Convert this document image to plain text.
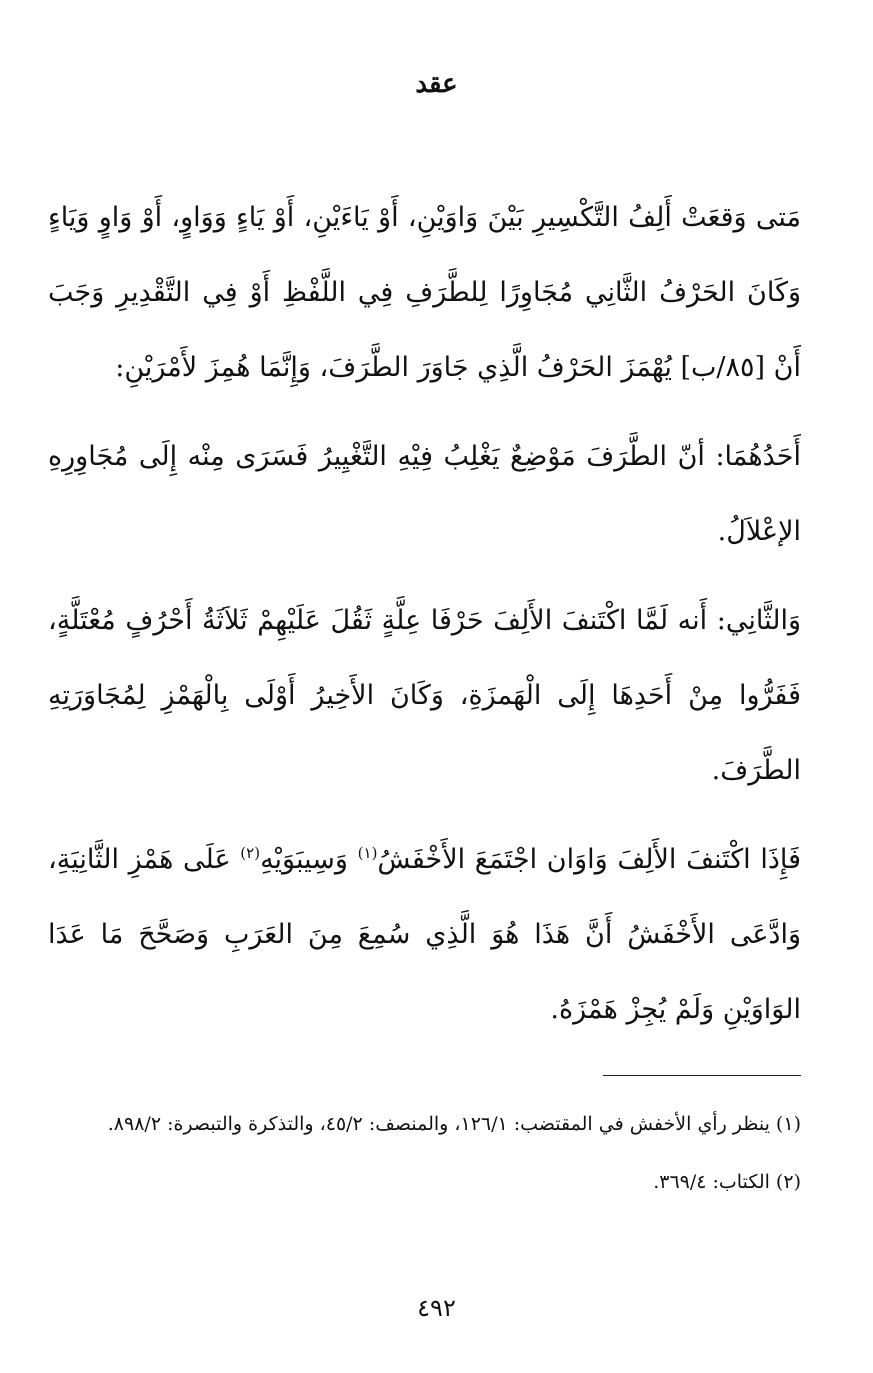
عقد

مَتى وَقعَتْ أَلِفُ التَّكْسِيرِ بَيْنَ وَاوَيْنِ، أَوْ يَاءَيْنِ، أَوْ يَاءٍ وَوَاوٍ، أَوْ وَاوٍ وَيَاءٍ وَكَانَ الحَرْفُ الثَّانِي مُجَاوِرًا لِلطَّرَفِ فِي اللَّفْظِ أَوْ فِي التَّقْدِيرِ وَجَبَ أَنْ [٨٥/ب] يُهْمَزَ الحَرْفُ الَّذِي جَاوَرَ الطَّرَفَ، وَإِنَّمَا هُمِزَ لأَمْرَيْنِ:

أَحَدُهُمَا: أنّ الطَّرَفَ مَوْضِعٌ يَغْلِبُ فِيْهِ التَّغْيِيرُ فَسَرَى مِنْه إِلَى مُجَاوِرِهِ الإعْلاَلُ.

وَالثَّانِي: أَنه لَمَّا اكْتَنفَ الأَلِفَ حَرْفَا عِلَّةٍ ثَقُلَ عَلَيْهِمْ ثَلاَثَةُ أَحْرُفٍ مُعْتَلَّةٍ، فَفَرُّوا مِنْ أَحَدِهَا إِلَى الْهَمزَةِ، وَكَانَ الأَخِيرُ أَوْلَى بِالْهَمْزِ لِمُجَاوَرَتِهِ الطَّرَفَ.

فَإِذَا اكْتَنفَ الأَلِفَ وَاوَان اجْتَمَعَ الأَخْفَشُ$^{(١)}$ وَسِيبَوَيْهِ$^{(٢)}$ عَلَى هَمْزِ الثَّانِيَةِ، وَادَّعَى الأَخْفَشُ أَنَّ هَذَا هُوَ الَّذِي سُمِعَ مِنَ العَرَبِ وَصَحَّحَ مَا عَدَا الوَاوَيْنِ وَلَمْ يُجِزْ هَمْزَهُ.

(١) ينظر رأي الأخفش في المقتضب: ١٢٦/١، والمنصف: ٤٥/٢، والتذكرة والتبصرة: ٨٩٨/٢.

(٢) الكتاب: ٣٦٩/٤.

٤٩٢
